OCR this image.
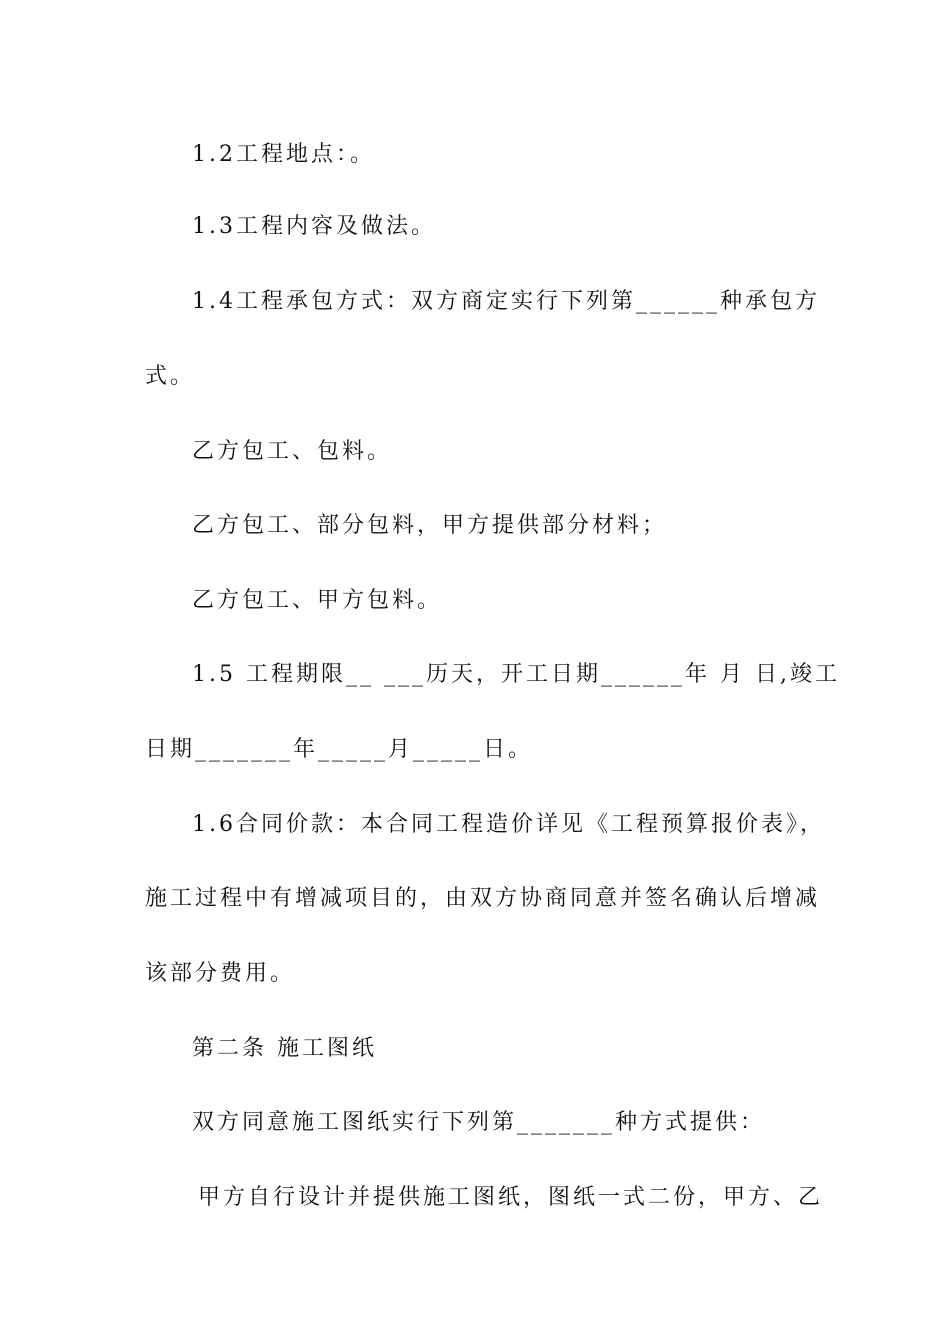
1.2工程地点：。
1.3工程内容及做法。
1.4工程承包方式：双方商定实行下列第______种承包方
式。
乙方包工、包料。
乙方包工、部分包料，甲方提供部分材料；
乙方包工、甲方包料。
1.5 工程期限__ ___历天，开工日期______年 月 日,竣工
日期_______年_____月_____日。
1.6合同价款：本合同工程造价详见《工程预算报价表》，
施工过程中有增减项目的，由双方协商同意并签名确认后增减
该部分费用。
第二条 施工图纸
双方同意施工图纸实行下列第_______种方式提供：
甲方自行设计并提供施工图纸，图纸一式二份，甲方、乙
